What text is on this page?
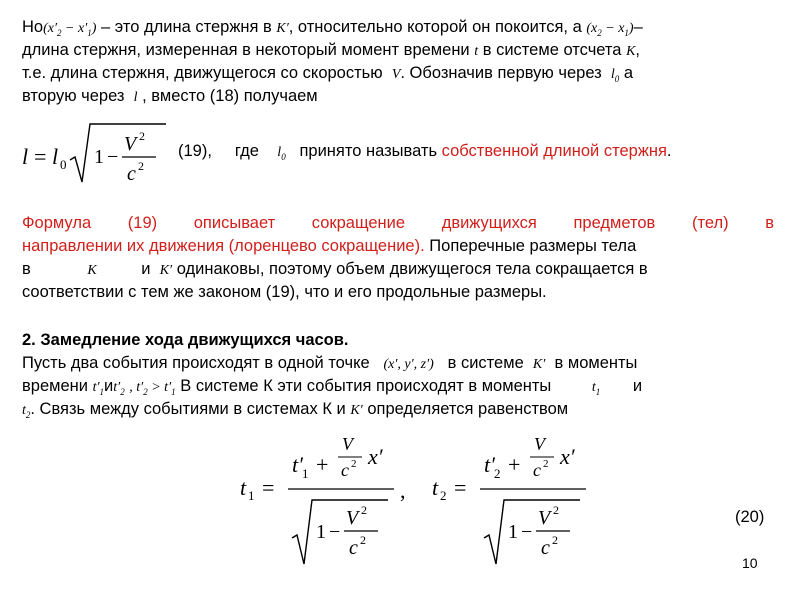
$Но(x'_2 - x'_1)$ – это длина стержня в K′, относительно которой он покоится, а $(x_2 - x_1)-$
длина стержня, измеренная в некоторый момент времени t в системе отсчета K,
т.е. длина стержня, движущегося со скоростью V. Обозначив первую через $l_0$ а
вторую через l , вместо (18) получаем
l = l 0 1 −
V 2
c 2
(19), где $l_0$ принято называть собственной длиной стержня.
Формула (19) описывает сокращение движущихся предметов (тел) в
направлении их движения (лоренцево сокращение). Поперечные размеры тела
в	K	и K′ одинаковы, поэтому объем движущегося тела сокращается в
соответствии с тем же законом (19), что и его продольные размеры.
2. Замедление хода движущихся часов.
Пусть два события происходят в одной точке (x′, y′, z′) в системе K′ в моменты
времени $t'_1иt'_2$ , $t'_2 > t'_1$ В системе К эти события происходят в моменты	$t_1$ и
$t_2$. Связь между событиями в системах К и K′ определяется равенством
t 1 =
t′ 1 +
V
c 2 x′
1 −
V 2
c 2
, t 2 =
t′ 2 +
V
c 2 x′
1 −
V 2
c 2
(20)
10
